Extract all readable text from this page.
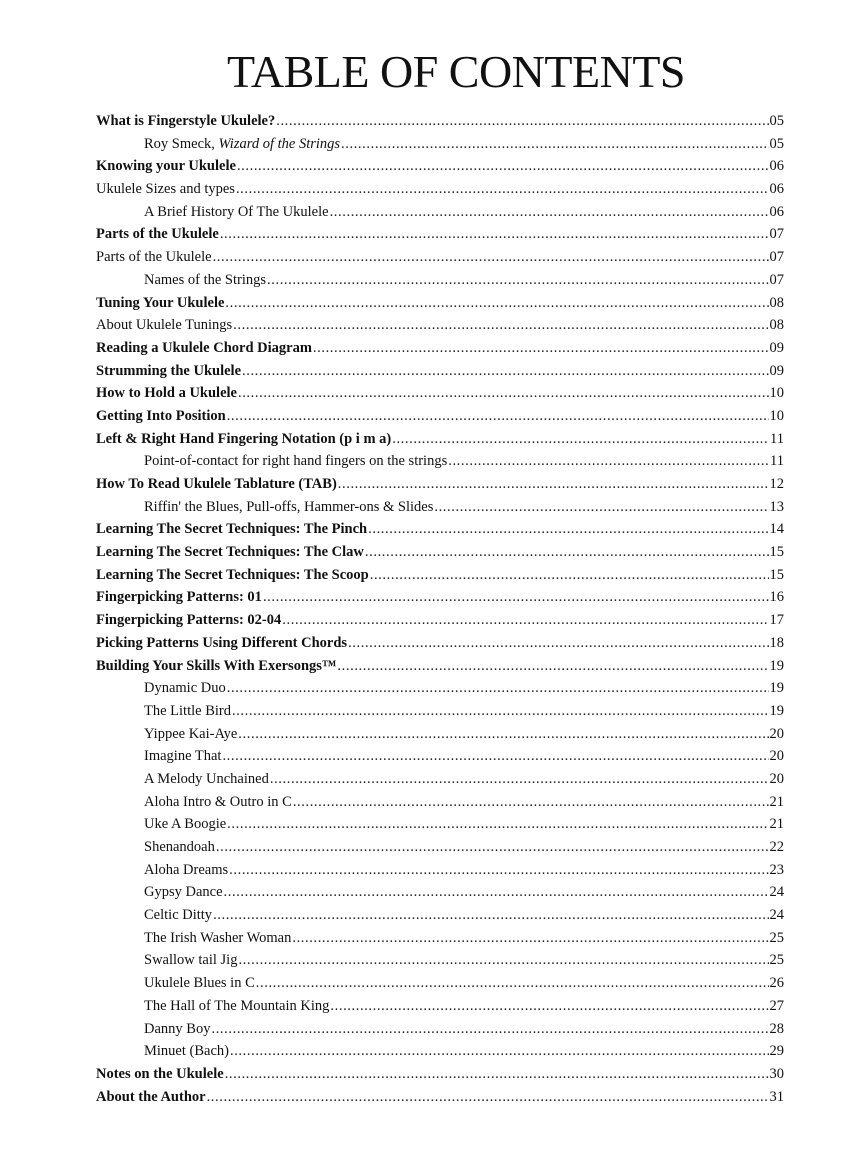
TABLE OF CONTENTS
What is Fingerstyle Ukulele? .....	05
Roy Smeck, Wizard of the Strings .....	05
Knowing your Ukulele .....	06
Ukulele Sizes and types .....	06
A Brief History Of The Ukulele .....	06
Parts of the Ukulele .....	07
Parts of the Ukulele .....	07
Names of the Strings .....	07
Tuning Your Ukulele .....	08
About Ukulele Tunings .....	08
Reading a Ukulele Chord Diagram .....	09
Strumming the Ukulele .....	09
How to Hold a Ukulele .....	10
Getting Into Position .....	10
Left & Right Hand Fingering Notation (p i m a) .....	11
Point-of-contact for right hand fingers on the strings .....	11
How To Read Ukulele Tablature (TAB) .....	12
Riffin' the Blues, Pull-offs, Hammer-ons & Slides .....	13
Learning The Secret Techniques: The Pinch .....	14
Learning The Secret Techniques: The Claw .....	15
Learning The Secret Techniques: The Scoop .....	15
Fingerpicking Patterns: 01 .....	16
Fingerpicking Patterns: 02-04 .....	17
Picking Patterns Using Different Chords .....	18
Building Your Skills With Exersongs™ .....	19
Dynamic Duo .....	19
The Little Bird .....	19
Yippee Kai-Aye .....	20
Imagine That .....	20
A Melody Unchained .....	20
Aloha Intro & Outro in C .....	21
Uke A Boogie .....	21
Shenandoah .....	22
Aloha Dreams .....	23
Gypsy Dance .....	24
Celtic Ditty .....	24
The Irish Washer Woman .....	25
Swallow tail Jig .....	25
Ukulele Blues in C .....	26
The Hall of The Mountain King .....	27
Danny Boy .....	28
Minuet (Bach) .....	29
Notes on the Ukulele .....	30
About the Author .....	31
